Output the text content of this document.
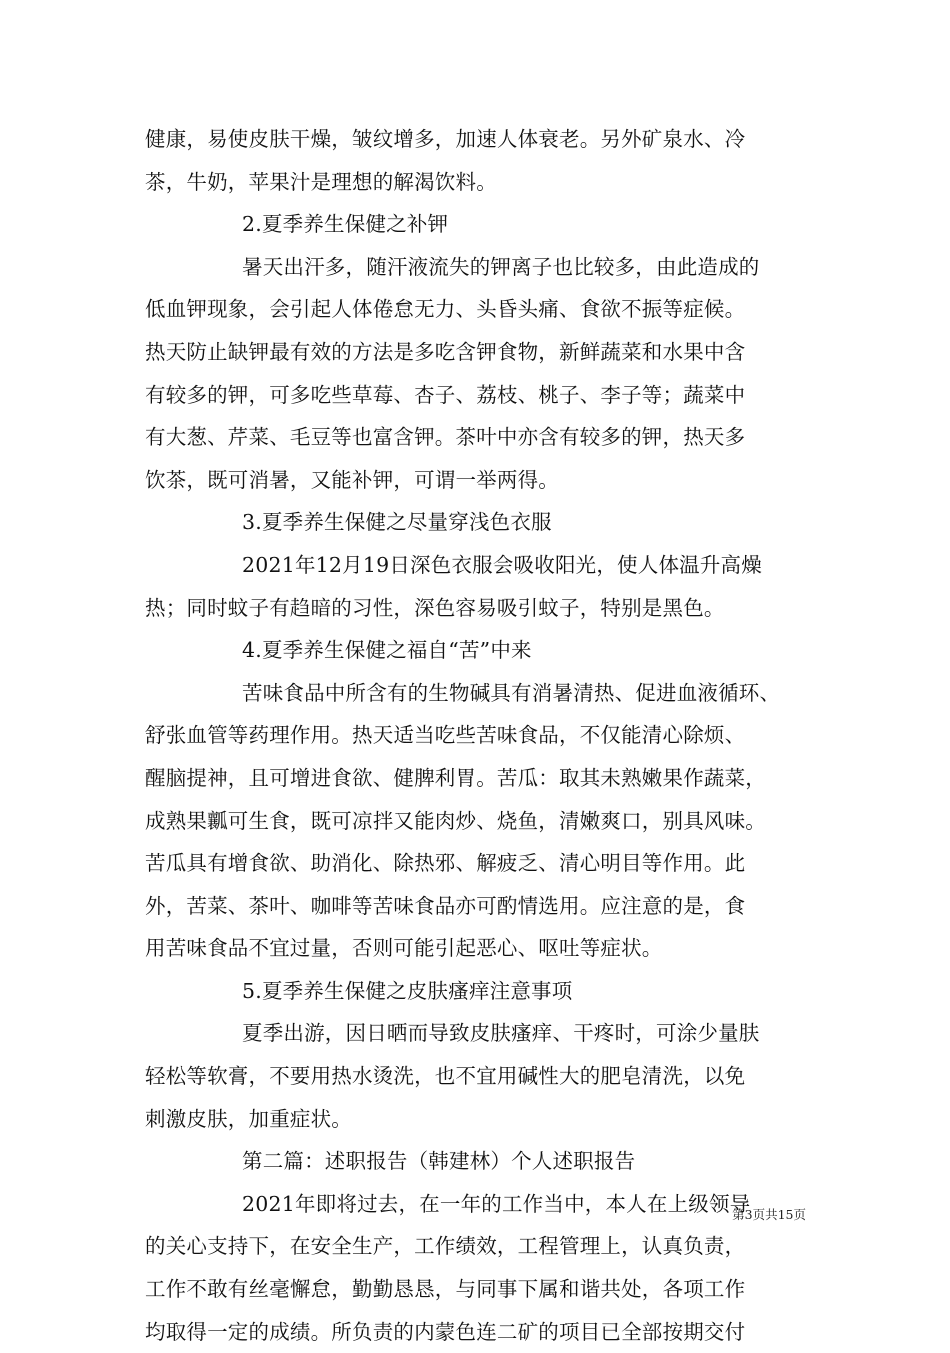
健康，易使皮肤干燥，皱纹增多，加速人体衰老。另外矿泉水、冷
茶，牛奶，苹果汁是理想的解渴饮料。
2.夏季养生保健之补钾
暑天出汗多，随汗液流失的钾离子也比较多，由此造成的
低血钾现象，会引起人体倦怠无力、头昏头痛、食欲不振等症候。
热天防止缺钾最有效的方法是多吃含钾食物，新鲜蔬菜和水果中含
有较多的钾，可多吃些草莓、杏子、荔枝、桃子、李子等；蔬菜中
有大葱、芹菜、毛豆等也富含钾。茶叶中亦含有较多的钾，热天多
饮茶，既可消暑，又能补钾，可谓一举两得。
3.夏季养生保健之尽量穿浅色衣服
2021年12月19日深色衣服会吸收阳光，使人体温升高燥
热；同时蚊子有趋暗的习性，深色容易吸引蚊子，特别是黑色。
4.夏季养生保健之福自“苦”中来
苦味食品中所含有的生物碱具有消暑清热、促进血液循环、
舒张血管等药理作用。热天适当吃些苦味食品，不仅能清心除烦、
醒脑提神，且可增进食欲、健脾利胃。苦瓜：取其未熟嫩果作蔬菜，
成熟果瓤可生食，既可凉拌又能肉炒、烧鱼，清嫩爽口，别具风味。
苦瓜具有增食欲、助消化、除热邪、解疲乏、清心明目等作用。此
外，苦菜、茶叶、咖啡等苦味食品亦可酌情选用。应注意的是，食
用苦味食品不宜过量，否则可能引起恶心、呕吐等症状。
5.夏季养生保健之皮肤瘙痒注意事项
夏季出游，因日晒而导致皮肤瘙痒、干疼时，可涂少量肤
轻松等软膏，不要用热水烫洗，也不宜用碱性大的肥皂清洗，以免
刺激皮肤，加重症状。
第二篇：述职报告（韩建林）个人述职报告
2021年即将过去，在一年的工作当中，本人在上级领导
的关心支持下，在安全生产，工作绩效，工程管理上，认真负责，
工作不敢有丝毫懈怠，勤勤恳恳，与同事下属和谐共处，各项工作
均取得一定的成绩。所负责的内蒙色连二矿的项目已全部按期交付
第3页共15页
